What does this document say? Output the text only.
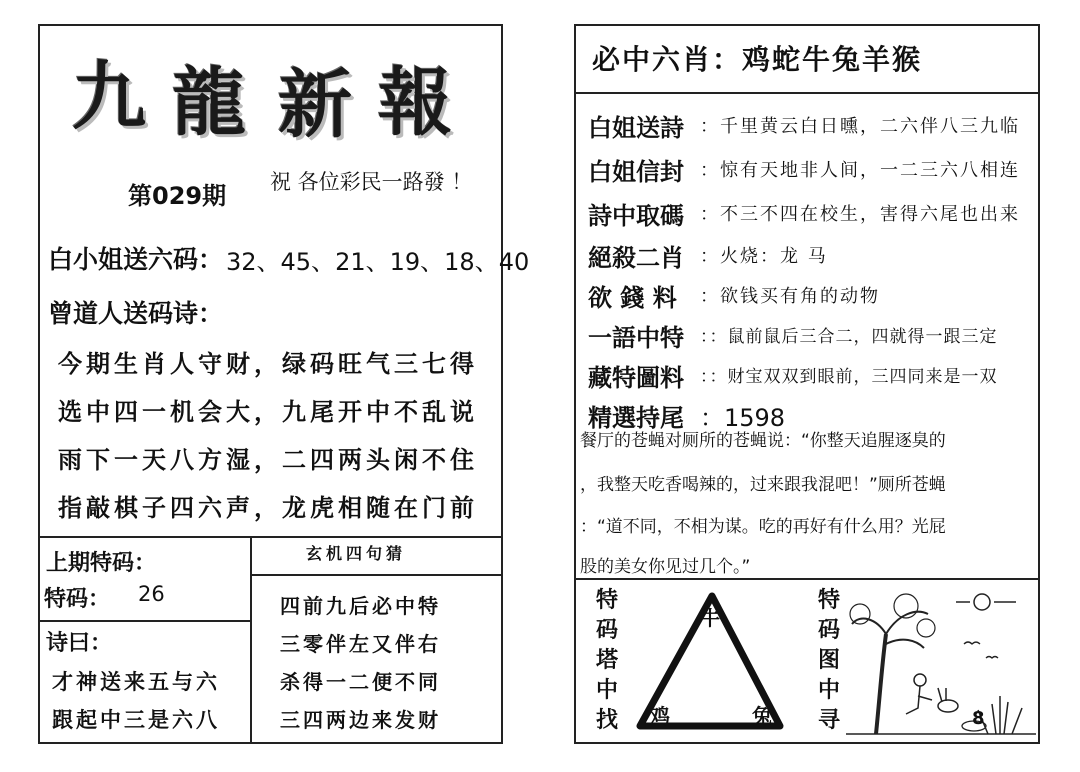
九 龍 新 報
第029期 祝 各位彩民一路發 ！
白小姐送六码： 32、45、21、19、18、40
曾道人送码诗：
今期生肖人守财，绿码旺气三七得
选中四一机会大，九尾开中不乱说
雨下一天八方湿，二四两头闲不住
指敲棋子四六声，龙虎相随在门前
上期特码：
特码： 26
诗曰：
才神送来五与六
跟起中三是六八
玄机四句猜
四前九后必中特
三零伴左又伴右
杀得一二便不同
三四两边来发财
必中六肖：鸡蛇牛兔羊猴
白姐送詩 ：千里黄云白日曛，二六伴八三九临
白姐信封 ：惊有天地非人间，一二三六八相连
詩中取碼 ：不三不四在校生，害得六尾也出来
絕殺二肖 ：火烧：龙 马
欲 錢 料 ：欲钱买有角的动物
一語中特 ：：鼠前鼠后三合二，四就得一跟三定
藏特圖料 ：：财宝双双到眼前，三四同来是一双
精選持尾 ：1598
餐厅的苍蝇对厕所的苍蝇说：“你整天追腥逐臭的
，我整天吃香喝辣的，过来跟我混吧！”厕所苍蝇
：“道不同，不相为谋。吃的再好有什么用？光屁
股的美女你见过几个。”
特
码
塔
中
找
牛
鸡	兔
特
码
图
中
寻	8
